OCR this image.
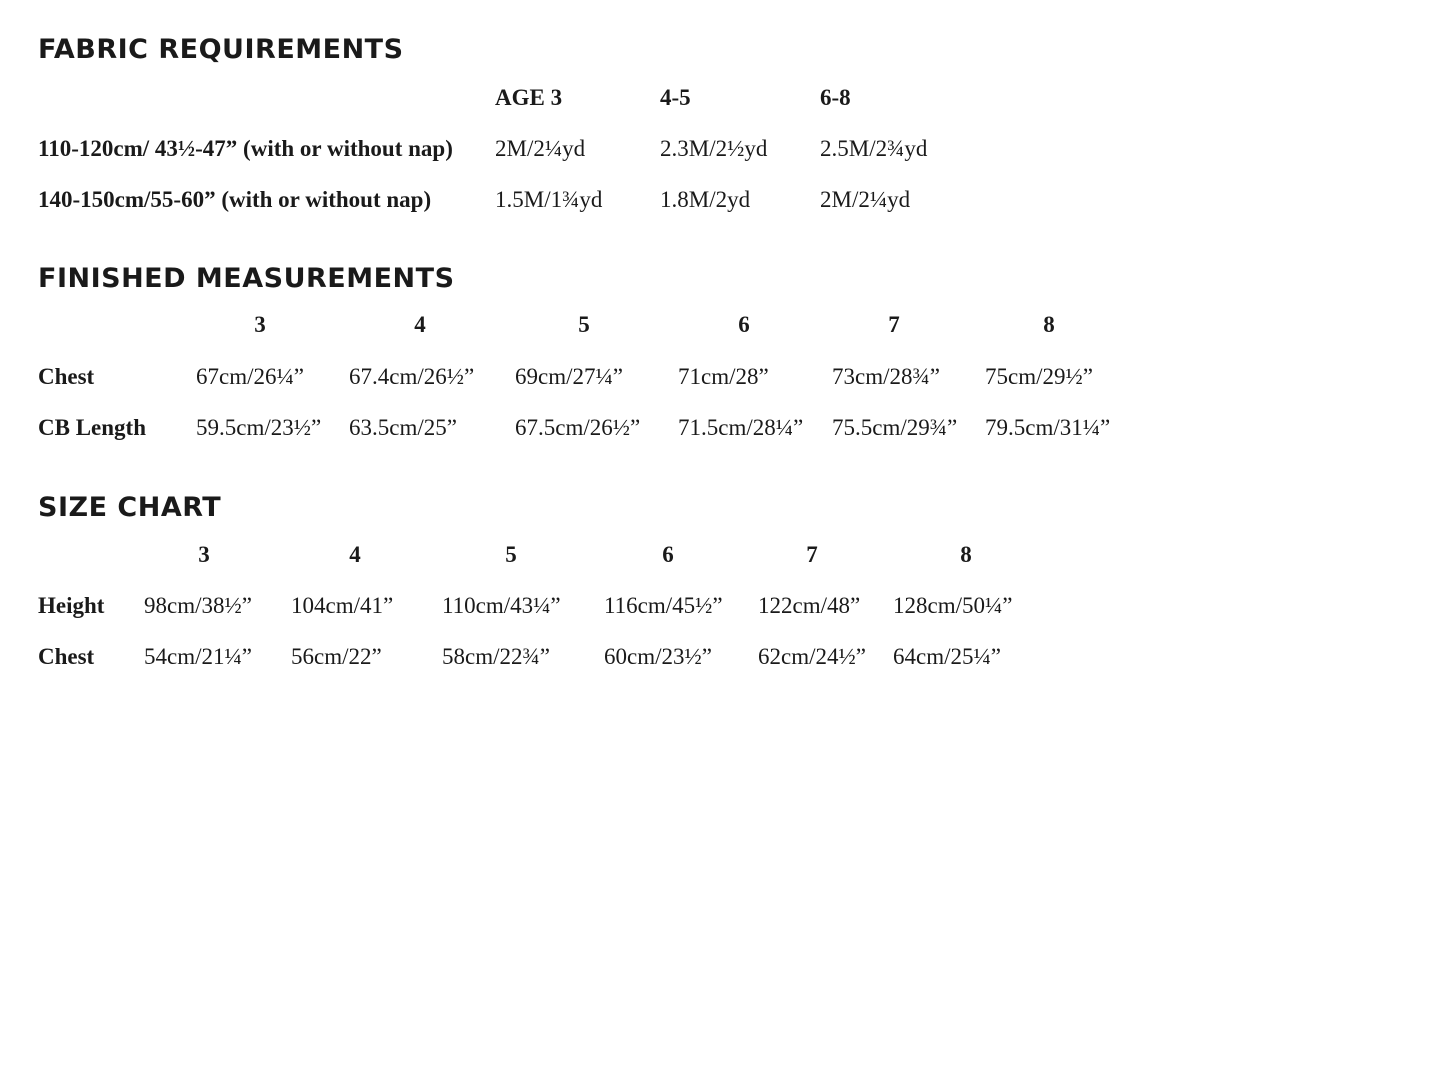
FABRIC REQUIREMENTS
AGE 3	4-5	6-8
110-120cm/ 43½-47” (with or without nap) 2M/2¼yd	2.3M/2½yd 2.5M/2¾yd
140-150cm/55-60” (with or without nap)	1.5M/1¾yd	1.8M/2yd	2M/2¼yd
FINISHED MEASUREMENTS
3	4	5	6	7	8
Chest	67cm/26¼” 67.4cm/26½” 69cm/27¼” 71cm/28”	73cm/28¾” 75cm/29½”
CB Length 59.5cm/23½” 63.5cm/25”	67.5cm/26½” 71.5cm/28¼” 75.5cm/29¾” 79.5cm/31¼”
SIZE CHART
3	4	5	6	7	8
Height 98cm/38½” 104cm/41” 110cm/43¼” 116cm/45½” 122cm/48” 128cm/50¼”
Chest 54cm/21¼” 56cm/22”	58cm/22¾” 60cm/23½” 62cm/24½” 64cm/25¼”
